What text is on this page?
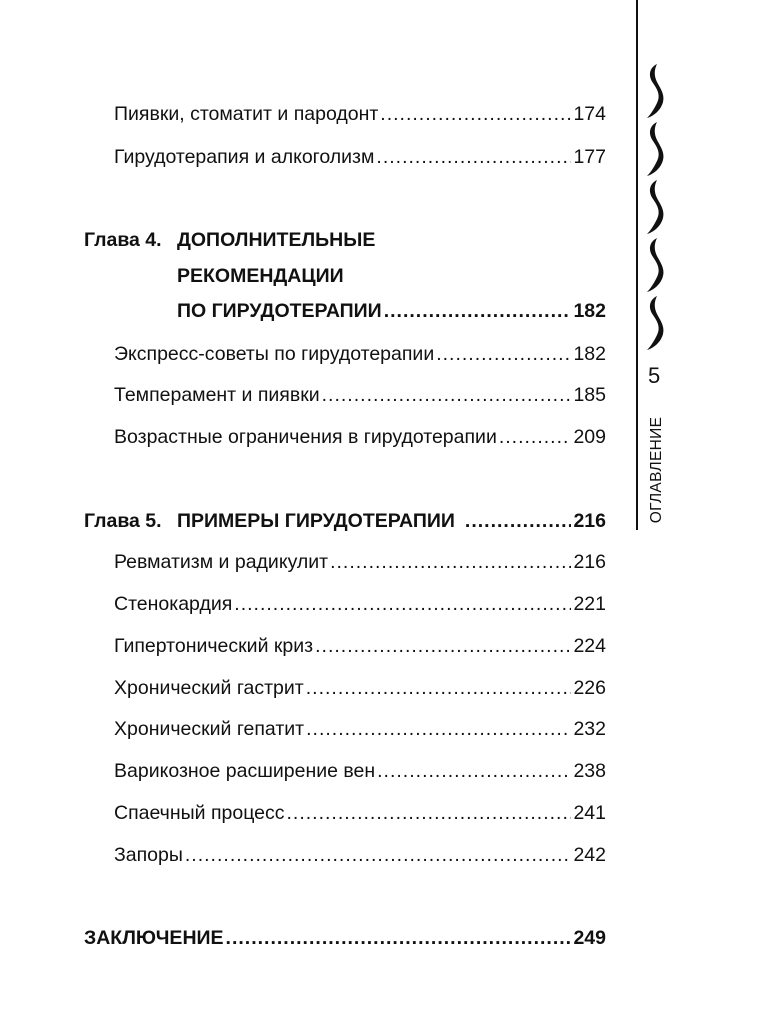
Пиявки, стоматит и пародонт .....	174
Гирудотерапия и алкоголизм .....	177
Глава 4. ДОПОЛНИТЕЛЬНЫЕ
РЕКОМЕНДАЦИИ
ПО ГИРУДОТЕРАПИИ .....	182
Экспресс-советы по гирудотерапии .....	182
Темперамент и пиявки .....	185
Возрастные ограничения в гирудотерапии .....	209
Глава 5. ПРИМЕРЫ ГИРУДОТЕРАПИИ .....	216
Ревматизм и радикулит .....	216
Стенокардия .....	221
Гипертонический криз .....	224
Хронический гастрит .....	226
Хронический гепатит .....	232
Варикозное расширение вен .....	238
Спаечный процесс .....	241
Запоры .....	242
ЗАКЛЮЧЕНИЕ .....	249
5
ОГЛАВЛЕНИЕ
